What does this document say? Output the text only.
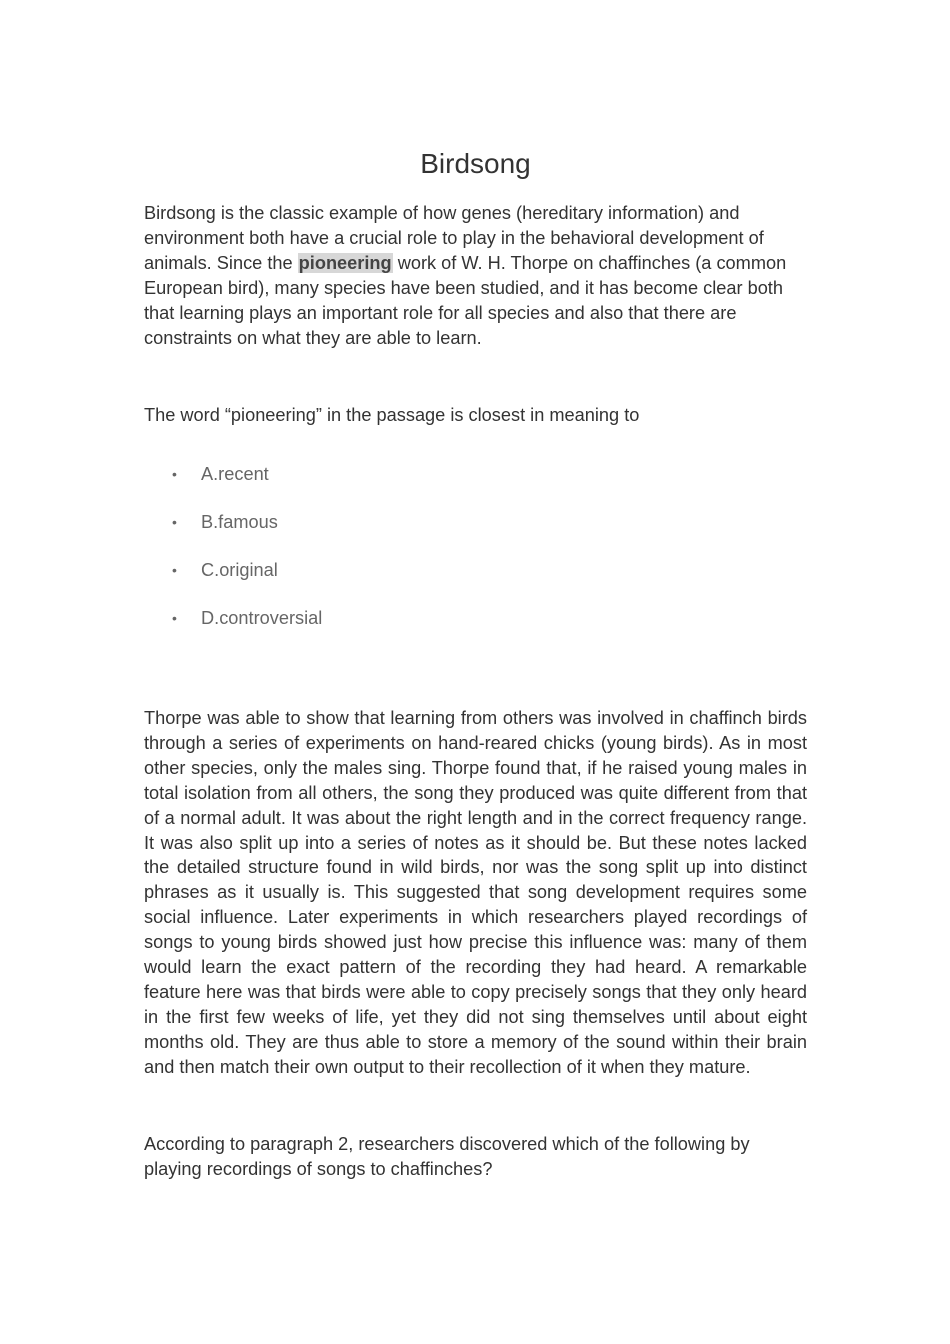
Birdsong

Birdsong is the classic example of how genes (hereditary information) and environment both have a crucial role to play in the behavioral development of animals. Since the pioneering work of W. H. Thorpe on chaffinches (a common European bird), many species have been studied, and it has become clear both that learning plays an important role for all species and also that there are constraints on what they are able to learn.

The word “pioneering” in the passage is closest in meaning to

• A.recent
• B.famous
• C.original
• D.controversial

Thorpe was able to show that learning from others was involved in chaffinch birds through a series of experiments on hand-reared chicks (young birds). As in most other species, only the males sing. Thorpe found that, if he raised young males in total isolation from all others, the song they produced was quite different from that of a normal adult. It was about the right length and in the correct frequency range. It was also split up into a series of notes as it should be. But these notes lacked the detailed structure found in wild birds, nor was the song split up into distinct phrases as it usually is. This suggested that song development requires some social influence. Later experiments in which researchers played recordings of songs to young birds showed just how precise this influence was: many of them would learn the exact pattern of the recording they had heard. A remarkable feature here was that birds were able to copy precisely songs that they only heard in the first few weeks of life, yet they did not sing themselves until about eight months old. They are thus able to store a memory of the sound within their brain and then match their own output to their recollection of it when they mature.

According to paragraph 2, researchers discovered which of the following by playing recordings of songs to chaffinches?
